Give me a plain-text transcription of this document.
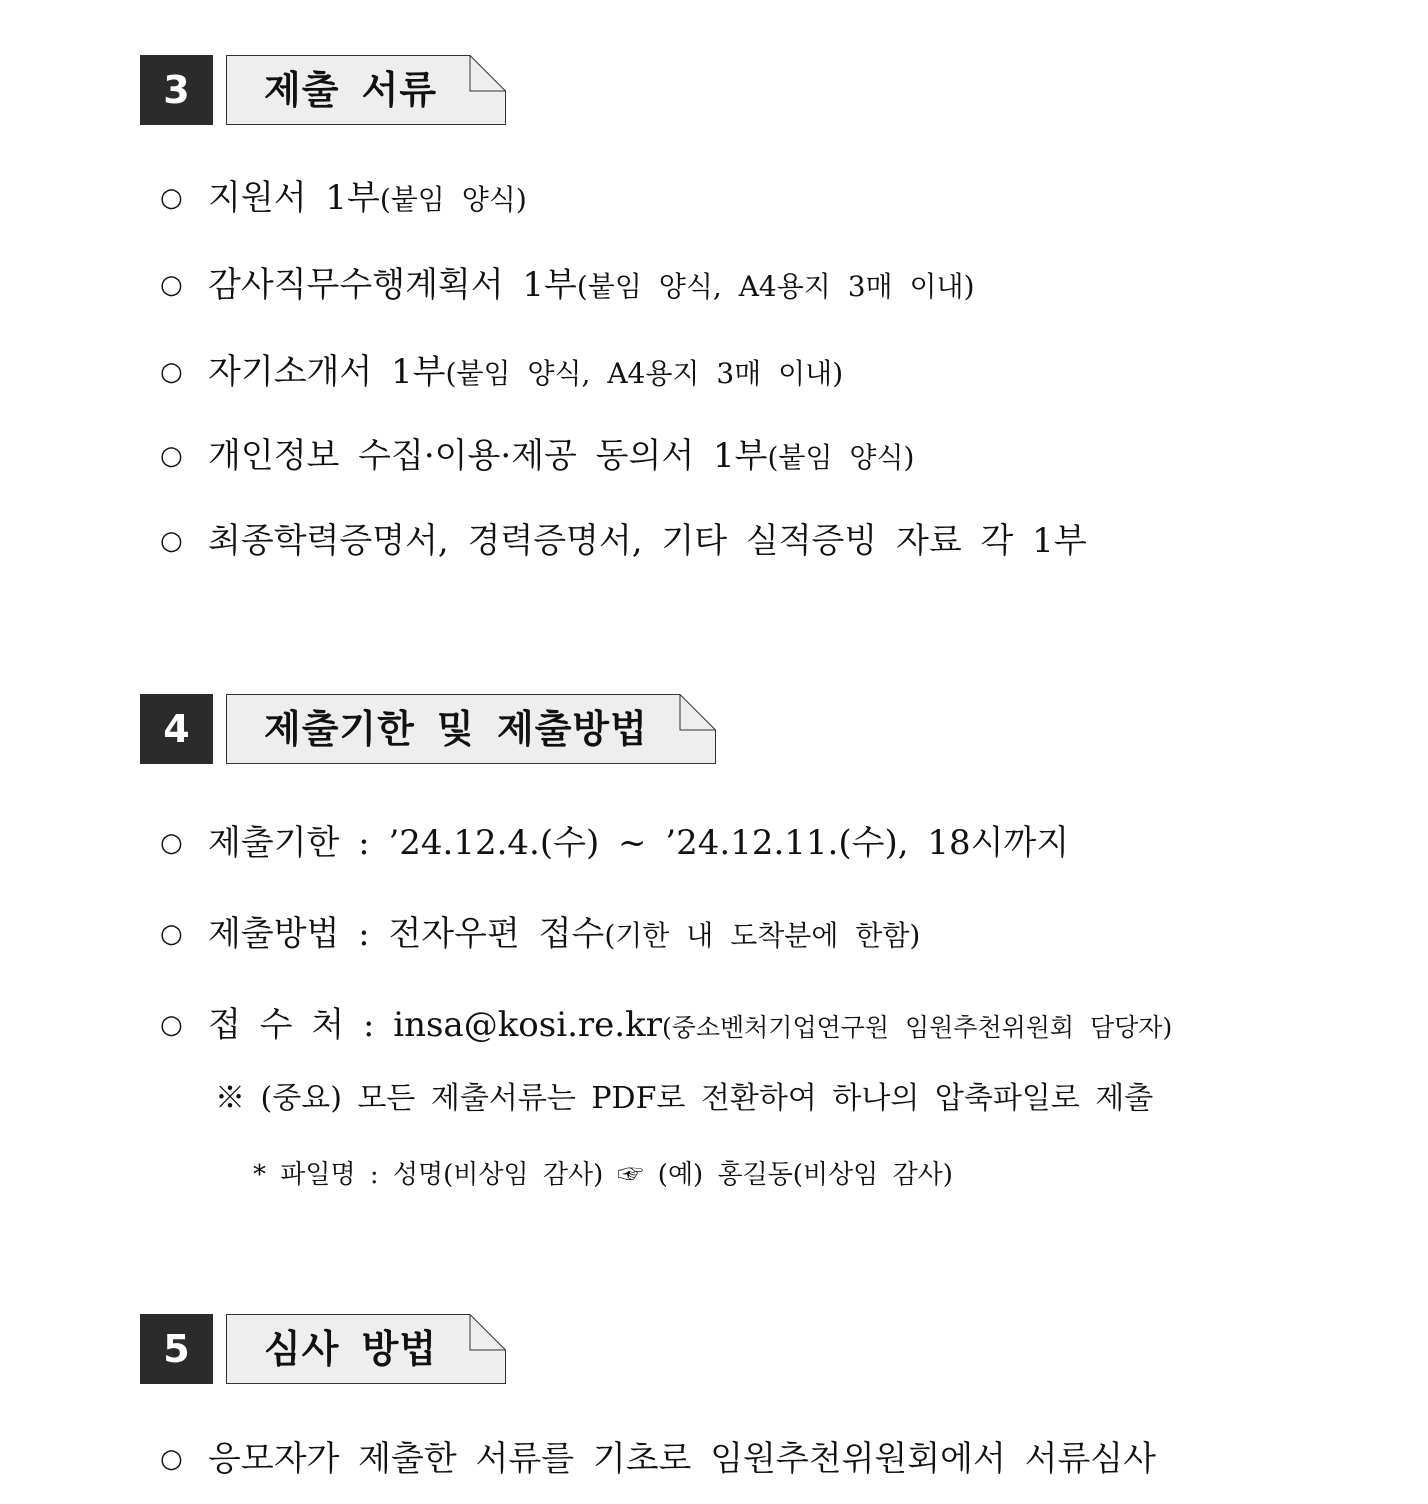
3	제출 서류
○ 지원서 1부(붙임 양식)
○ 감사직무수행계획서 1부(붙임 양식, A4용지 3매 이내)
○ 자기소개서 1부(붙임 양식, A4용지 3매 이내)
○ 개인정보 수집·이용·제공 동의서 1부(붙임 양식)
○ 최종학력증명서, 경력증명서, 기타 실적증빙 자료 각 1부
4	제출기한 및 제출방법
○ 제출기한 : ’24.12.4.(수) ~ ’24.12.11.(수), 18시까지
○ 제출방법 : 전자우편 접수(기한 내 도착분에 한함)
○ 접 수 처 : insa@kosi.re.kr(중소벤처기업연구원 임원추천위원회 담당자)
※ (중요) 모든 제출서류는 PDF로 전환하여 하나의 압축파일로 제출
* 파일명 : 성명(비상임 감사) ☞ (예) 홍길동(비상임 감사)
5	심사 방법
○ 응모자가 제출한 서류를 기초로 임원추천위원회에서 서류심사
